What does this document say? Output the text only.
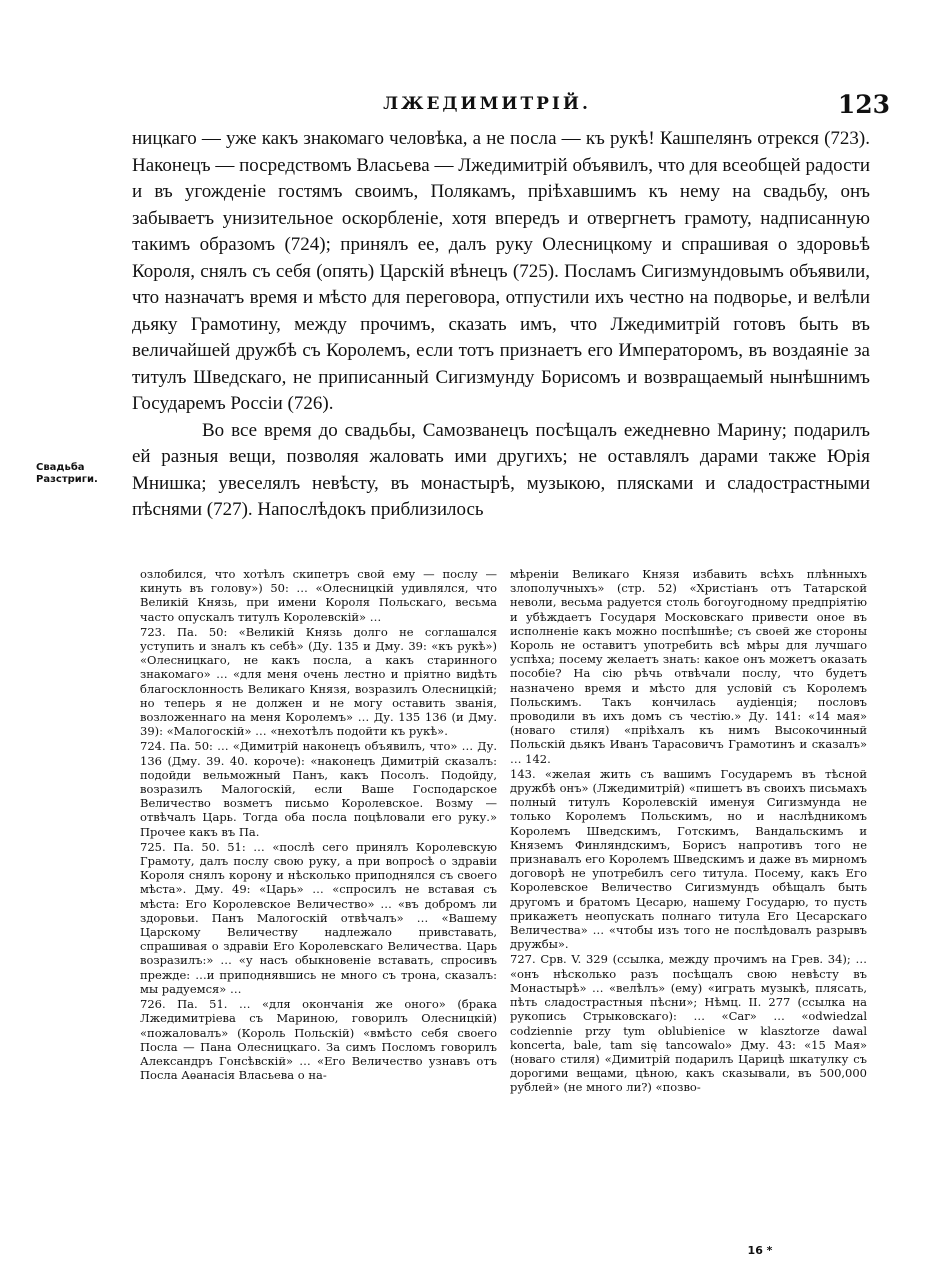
ЛЖЕДИМИТРІЙ.	123

ницкаго — уже какъ знакомаго человѣка, а не посла — къ рукѣ! Кашпелянъ отрекся (723). Наконецъ — посредствомъ Власьева — Лжедимитрій объявилъ, что для всеобщей радости и въ угожденіе гостямъ своимъ, Полякамъ, пріѣхавшимъ къ нему на свадьбу, онъ забываетъ унизительное оскорбленіе, хотя впередъ и отвергнетъ грамоту, надписанную такимъ образомъ (724); принялъ ее, далъ руку Олесницкому и спрашивая о здоровьѣ Короля, снялъ съ себя (опять) Царскій вѣнецъ (725). Посламъ Сигизмундовымъ объявили, что назначатъ время и мѣсто для переговора, отпустили ихъ честно на подворье, и велѣли дьяку Грамотину, между прочимъ, сказать имъ, что Лжедимитрій готовъ быть въ величайшей дружбѣ съ Королемъ, если тотъ признаетъ его Императоромъ, въ воздаяніе за титулъ Шведскаго, не приписанный Сигизмунду Борисомъ и возвращаемый нынѣшнимъ Государемъ Россіи (726).

Во все время до свадьбы, Самозванецъ посѣщалъ ежедневно Марину; подарилъ ей разныя вещи, позволяя жаловать ими другихъ; не оставлялъ дарами также Юрія Мнишка; увеселялъ невѣсту, въ монастырѣ, музыкою, плясками и сладострастными пѣснями (727). Напослѣдокъ приблизилось

Свадьба Разстриги.

озлобился, что хотѣлъ скипетръ свой ему — послу — кинуть въ голову») 50: … «Олесницкій удивлялся, что Великій Князь, при имени Короля Польскаго, весьма часто опускалъ титулъ Королевскій» …

723. Па. 50: «Великій Князь долго не соглашался уступить и зналъ къ себѣ» (Ду. 135 и Дму. 39: «къ рукѣ») «Олесницкаго, не какъ посла, а какъ старинного знакомаго» … «для меня очень лестно и пріятно видѣть благосклонность Великаго Князя, возразилъ Олесницкій; но теперь я не должен и не могу оставить званія, возложеннаго на меня Королемъ» … Ду. 135 136 (и Дму. 39): «Малогоскій» … «нехотѣлъ подойти къ рукѣ».

724. Па. 50: … «Димитрій наконецъ объявилъ, что» … Ду. 136 (Дму. 39. 40. короче): «наконецъ Димитрій сказалъ: подойди вельможный Панъ, какъ Посолъ. Подойду, возразилъ Малогоскій, если Ваше Господарское Величество возметъ письмо Королевское. Возму — отвѣчалъ Царь. Тогда оба посла поцѣловали его руку.» Прочее какъ въ Па.

725. Па. 50. 51: … «послѣ сего принялъ Королевскую Грамоту, далъ послу свою руку, а при вопросѣ о здравіи Короля снялъ корону и нѣсколько приподнялся съ своего мѣста». Дму. 49: «Царь» … «спросилъ не вставая съ мѣста: Его Королевское Величество» … «въ добромъ ли здоровьи. Панъ Малогоскій отвѣчалъ» … «Вашему Царскому Величеству надлежало привставать, спрашивая о здравіи Его Королевскаго Величества. Царь возразилъ:» … «у насъ обыкновеніе вставать, спросивъ прежде: …и приподнявшись не много съ трона, сказалъ: мы радуемся» …

726. Па. 51. … «для окончанія же оного» (брака Лжедимитріева съ Мариною, говорилъ Олесницкій) «пожаловалъ» (Король Польскій) «вмѣсто себя своего Посла — Пана Олесницкаго. За симъ Посломъ говорилъ Александръ Гонсѣвскій» … «Его Величество узнавъ отъ Посла Аѳанасія Власьева о на-

мѣреніи Великаго Князя избавить всѣхъ плѣнныхъ злополучныхъ» (стр. 52) «Христіанъ отъ Татарской неволи, весьма радуется столь богоугодному предпріятію и убѣждаетъ Государя Московскаго привести оное въ исполненіе какъ можно поспѣшнѣе; съ своей же стороны Король не оставитъ употребить всѣ мѣры для лучшаго успѣха; посему желаетъ знать: какое онъ можетъ оказать пособіе? На сію рѣчь отвѣчали послу, что будетъ назначено время и мѣсто для условій съ Королемъ Польскимъ. Такъ кончилась аудіенція; пословъ проводили въ ихъ домъ съ честію.» Ду. 141: «14 мая» (новаго стиля) «пріѣхалъ къ нимъ Высокочинный Польскій дьякъ Иванъ Тарасовичъ Грамотинъ и сказалъ» … 142.

143. «желая жить съ вашимъ Государемъ въ тѣсной дружбѣ онъ» (Лжедимитрій) «пишетъ въ своихъ письмахъ полный титулъ Королевскій именуя Сигизмунда не только Королемъ Польскимъ, но и наслѣдникомъ Королемъ Шведскимъ, Готскимъ, Вандальскимъ и Княземъ Финляндскимъ, Борисъ напротивъ того не признавалъ его Королемъ Шведскимъ и даже въ мирномъ договорѣ не употребилъ сего титула. Посему, какъ Его Королевское Величество Сигизмундъ обѣщалъ быть другомъ и братомъ Цесарю, нашему Государю, то пусть прикажетъ неопускать полнаго титула Его Цесарскаго Величества» … «чтобы изъ того не послѣдовалъ разрывъ дружбы».

727. Срв. V. 329 (ссылка, между прочимъ на Грев. 34); … «онъ нѣсколько разъ посѣщалъ свою невѣсту въ Монастырѣ» … «велѣлъ» (ему) «играть музыкѣ, плясать, пѣть сладострастныя пѣсни»; Нѣмц. II. 277 (ссылка на рукопись Стрыковскаго): … «Car» … «odwiedzal codziennie przy tym oblubienice w klasztorze dawal koncerta, bale, tam się tancowalo» Дму. 43: «15 Мая» (новаго стиля) «Димитрій подарилъ Царицѣ шкатулку съ дорогими вещами, цѣною, какъ сказывали, въ 500,000 рублей» (не много ли?) «позво-

16 *
